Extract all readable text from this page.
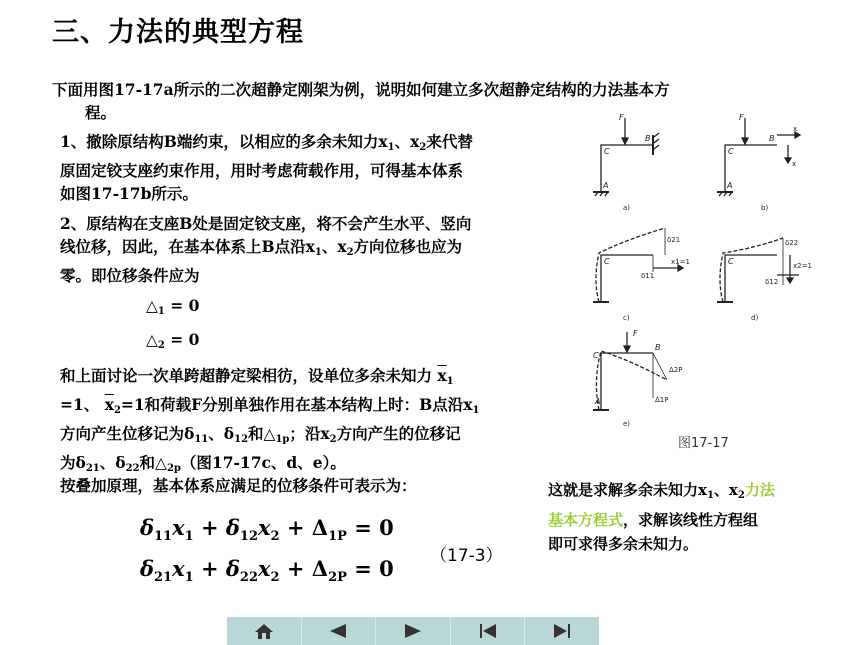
三、力法的典型方程
下面用图17-17a所示的二次超静定刚架为例，说明如何建立多次超静定结构的力法基本方
程。
1、撤除原结构B端约束，以相应的多余未知力$x_1$、$x_2$来代替
原固定铰支座约束作用，用时考虑荷载作用，可得基本体系
如图17-17b所示。
2、原结构在支座B处是固定铰支座，将不会产生水平、竖向
线位移，因此，在基本体系上B点沿$x_1$、$x_2$方向位移也应为
零。即位移条件应为
$\triangle_1 = 0$
$\triangle_2 = 0$
和上面讨论一次单跨超静定梁相彷，设单位多余未知力 $\overline{x}_1$
=1、 $\overline{x}_2=1$和荷载F分别单独作用在基本结构上时：B点沿$x_1$
方向产生位移记为$\delta_{11}$、$\delta_{12}$和$\triangle_{1p}$；沿$x_2$方向产生的位移记
为$\delta_{21}$、$\delta_{22}$和$\triangle_{2p}$（图17-17c、d、e）。
按叠加原理，基本体系应满足的位移条件可表示为：
$\delta_{11}x_1 + \delta_{12}x_2 + \Delta_{1P} = 0$
$\delta_{21}x_1 + \delta_{22}x_2 + \Delta_{2P} = 0$ （17-3）
这就是求解多余未知力$x_1$、$x_2$力法
基本方程式，求解该线性方程组
即可求得多余未知力。
F
B
C
A
a)
F
B
C
A
x
x
b)
δ21
δ11
x1=1
C
c)
δ22
δ12
x2=1
C
d)
F
B
C
A
Δ2P
Δ1P
e)
图17-17
